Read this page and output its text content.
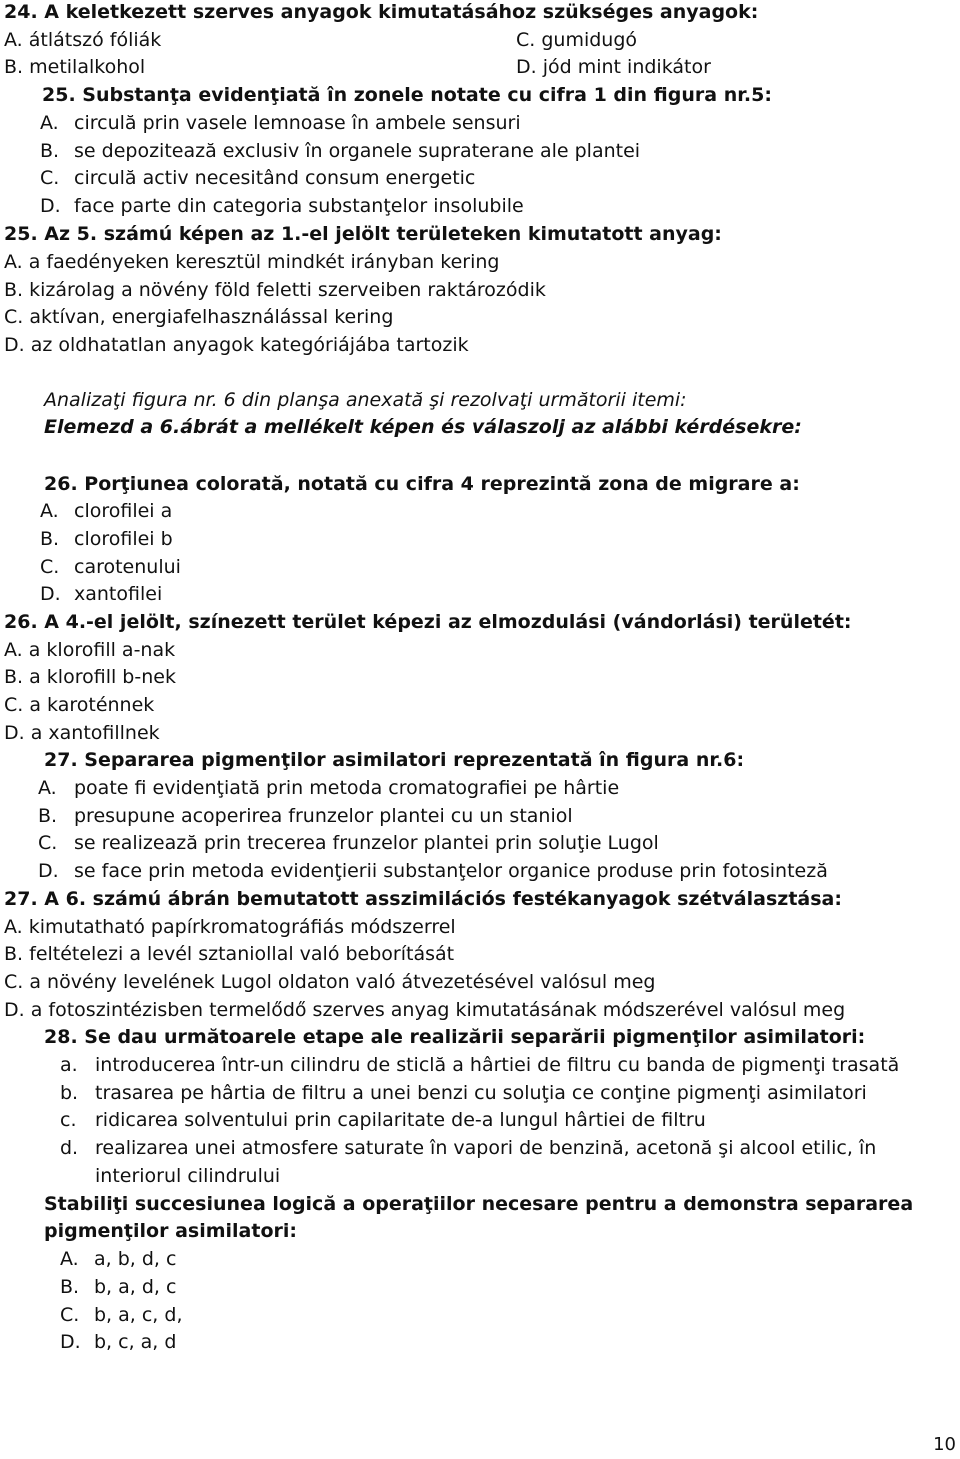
24. A keletkezett szerves anyagok kimutatásához szükséges anyagok:
A. átlátszó fóliák	C. gumidugó
B. metilalkohol	D. jód mint indikátor
25. Substanţa evidenţiată în zonele notate cu cifra 1 din figura nr.5:
A. circulă prin vasele lemnoase în ambele sensuri
B. se depozitează exclusiv în organele supraterane ale plantei
C. circulă activ necesitând consum energetic
D. face parte din categoria substanţelor insolubile
25. Az 5. számú képen az 1.-el jelölt területeken kimutatott anyag:
A. a faedényeken keresztül mindkét irányban kering
B. kizárolag a növény föld feletti szerveiben raktározódik
C. aktívan, energiafelhasználással kering
D. az oldhatatlan anyagok kategóriájába tartozik
Analizaţi figura nr. 6 din planşa anexată şi rezolvaţi următorii itemi:
Elemezd a 6.ábrát a mellékelt képen és válaszolj az alábbi kérdésekre:
26. Porţiunea colorată, notată cu cifra 4 reprezintă zona de migrare a:
A. clorofilei a
B. clorofilei b
C. carotenului
D. xantofilei
26. A 4.-el jelölt, színezett terület képezi az elmozdulási (vándorlási) területét:
A. a klorofill a-nak
B. a klorofill b-nek
C. a karoténnek
D. a xantofillnek
27. Separarea pigmenţilor asimilatori reprezentată în figura nr.6:
A. poate fi evidenţiată prin metoda cromatografiei pe hârtie
B. presupune acoperirea frunzelor plantei cu un staniol
C. se realizează prin trecerea frunzelor plantei prin soluţie Lugol
D. se face prin metoda evidenţierii substanţelor organice produse prin fotosinteză
27. A 6. számú ábrán bemutatott asszimilációs festékanyagok szétválasztása:
A. kimutatható papírkromatográfiás módszerrel
B. feltételezi a levél sztaniollal való beborítását
C. a növény levelének Lugol oldaton való átvezetésével valósul meg
D. a fotoszintézisben termelődő szerves anyag kimutatásának módszerével valósul meg
28. Se dau următoarele etape ale realizării separării pigmenţilor asimilatori:
a. introducerea într-un cilindru de sticlă a hârtiei de filtru cu banda de pigmenţi trasată
b. trasarea pe hârtia de filtru a unei benzi cu soluţia ce conţine pigmenţi asimilatori
c. ridicarea solventului prin capilaritate de-a lungul hârtiei de filtru
d. realizarea unei atmosfere saturate în vapori de benzină, acetonă şi alcool etilic, în
interiorul cilindrului
Stabiliţi succesiunea logică a operaţiilor necesare pentru a demonstra separarea
pigmenţilor asimilatori:
A. a, b, d, c
B. b, a, d, c
C. b, a, c, d,
D. b, c, a, d
10
